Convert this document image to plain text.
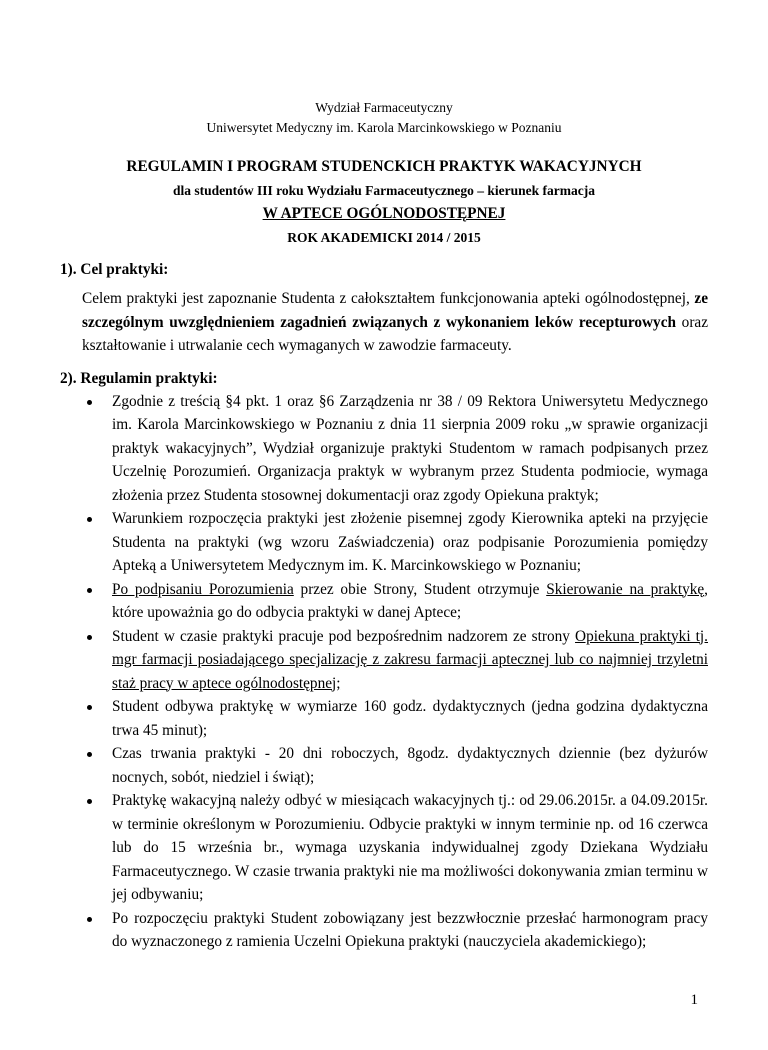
Wydział Farmaceutyczny
Uniwersytet Medyczny im. Karola Marcinkowskiego w Poznaniu
REGULAMIN I PROGRAM STUDENCKICH PRAKTYK WAKACYJNYCH
dla studentów III roku Wydziału Farmaceutycznego – kierunek farmacja
W APTECE OGÓLNODOSTĘPNEJ
ROK AKADEMICKI 2014 / 2015
1). Cel praktyki:
Celem praktyki jest zapoznanie Studenta z całokształtem funkcjonowania apteki ogólnodostępnej, ze szczególnym uwzględnieniem zagadnień związanych z wykonaniem leków recepturowych oraz kształtowanie i utrwalanie cech wymaganych w zawodzie farmaceuty.
2). Regulamin praktyki:
Zgodnie z treścią §4 pkt. 1 oraz §6 Zarządzenia nr 38 / 09 Rektora Uniwersytetu Medycznego im. Karola Marcinkowskiego w Poznaniu z dnia 11 sierpnia 2009 roku „w sprawie organizacji praktyk wakacyjnych”, Wydział organizuje praktyki Studentom w ramach podpisanych przez Uczelnię Porozumień. Organizacja praktyk w wybranym przez Studenta podmiocie, wymaga złożenia przez Studenta stosownej dokumentacji oraz zgody Opiekuna praktyk;
Warunkiem rozpoczęcia praktyki jest złożenie pisemnej zgody Kierownika apteki na przyjęcie Studenta na praktyki (wg wzoru Zaświadczenia) oraz podpisanie Porozumienia pomiędzy Apteką a Uniwersytetem Medycznym im. K. Marcinkowskiego w Poznaniu;
Po podpisaniu Porozumienia przez obie Strony, Student otrzymuje Skierowanie na praktykę, które upoważnia go do odbycia praktyki w danej Aptece;
Student w czasie praktyki pracuje pod bezpośrednim nadzorem ze strony Opiekuna praktyki tj. mgr farmacji posiadającego specjalizację z zakresu farmacji aptecznej lub co najmniej trzyletni staż pracy w aptece ogólnodostępnej;
Student odbywa praktykę w wymiarze 160 godz. dydaktycznych (jedna godzina dydaktyczna trwa 45 minut);
Czas trwania praktyki - 20 dni roboczych, 8godz. dydaktycznych dziennie (bez dyżurów nocnych, sobót, niedziel i świąt);
Praktykę wakacyjną należy odbyć w miesiącach wakacyjnych tj.: od 29.06.2015r. a 04.09.2015r. w terminie określonym w Porozumieniu. Odbycie praktyki w innym terminie np. od 16 czerwca lub do 15 września br., wymaga uzyskania indywidualnej zgody Dziekana Wydziału Farmaceutycznego. W czasie trwania praktyki nie ma możliwości dokonywania zmian terminu w jej odbywaniu;
Po rozpoczęciu praktyki Student zobowiązany jest bezzwłocznie przesłać harmonogram pracy do wyznaczonego z ramienia Uczelni Opiekuna praktyki (nauczyciela akademickiego);
1
